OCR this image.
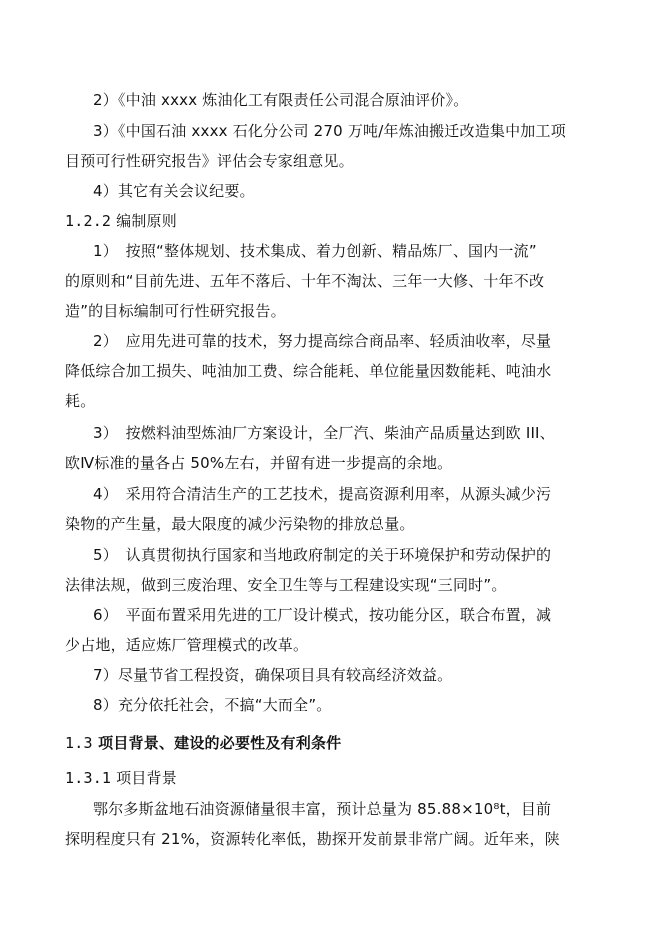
2）《中油 xxxx 炼油化工有限责任公司混合原油评价》。
3）《中国石油 xxxx 石化分公司 270 万吨/年炼油搬迁改造集中加工项
目预可行性研究报告》评估会专家组意见。
4）其它有关会议纪要。
1.2.2 编制原则
1）　按照“整体规划、技术集成、着力创新、精品炼厂、国内一流”
的原则和“目前先进、五年不落后、十年不淘汰、三年一大修、十年不改
造”的目标编制可行性研究报告。
2）　应用先进可靠的技术，努力提高综合商品率、轻质油收率，尽量
降低综合加工损失、吨油加工费、综合能耗、单位能量因数能耗、吨油水
耗。
3）　按燃料油型炼油厂方案设计，全厂汽、柴油产品质量达到欧 III、
欧Ⅳ标准的量各占 50%左右，并留有进一步提高的余地。
4）　采用符合清洁生产的工艺技术，提高资源利用率，从源头减少污
染物的产生量，最大限度的减少污染物的排放总量。
5）　认真贯彻执行国家和当地政府制定的关于环境保护和劳动保护的
法律法规，做到三废治理、安全卫生等与工程建设实现“三同时”。
6）　平面布置采用先进的工厂设计模式，按功能分区，联合布置，减
少占地，适应炼厂管理模式的改革。
7）尽量节省工程投资，确保项目具有较高经济效益。
8）充分依托社会，不搞“大而全”。
1.3 项目背景、建设的必要性及有利条件
1.3.1 项目背景
鄂尔多斯盆地石油资源储量很丰富，预计总量为 85.88×10⁸t，目前
探明程度只有 21%，资源转化率低，勘探开发前景非常广阔。近年来，陕
